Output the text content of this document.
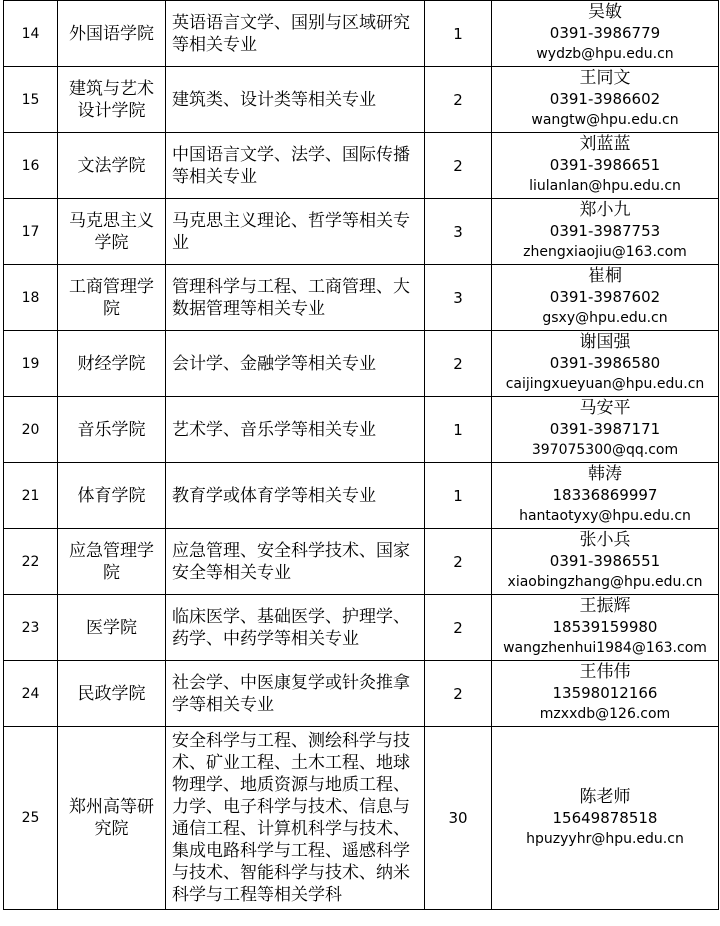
14	外国语学院	英语语言文学、国别与区域研究等相关专业	1	吴敏
0391-3986779
wydzb@hpu.edu.cn

15	建筑与艺术设计学院	建筑类、设计类等相关专业	2	王同文
0391-3986602
wangtw@hpu.edu.cn

16	文法学院	中国语言文学、法学、国际传播等相关专业	2	刘蓝蓝
0391-3986651
liulanlan@hpu.edu.cn

17	马克思主义学院	马克思主义理论、哲学等相关专业	3	郑小九
0391-3987753
zhengxiaojiu@163.com

18	工商管理学院	管理科学与工程、工商管理、大数据管理等相关专业	3	崔桐
0391-3987602
gsxy@hpu.edu.cn

19	财经学院	会计学、金融学等相关专业	2	谢国强
0391-3986580
caijingxueyuan@hpu.edu.cn

20	音乐学院	艺术学、音乐学等相关专业	1	马安平
0391-3987171
397075300@qq.com

21	体育学院	教育学或体育学等相关专业	1	韩涛
18336869997
hantaotyxy@hpu.edu.cn

22	应急管理学院	应急管理、安全科学技术、国家安全等相关专业	2	张小兵
0391-3986551
xiaobingzhang@hpu.edu.cn

23	医学院	临床医学、基础医学、护理学、药学、中药学等相关专业	2	王振辉
18539159980
wangzhenhui1984@163.com

24	民政学院	社会学、中医康复学或针灸推拿学等相关专业	2	王伟伟
13598012166
mzxxdb@126.com

25	郑州高等研究院	安全科学与工程、测绘科学与技术、矿业工程、土木工程、地球物理学、地质资源与地质工程、力学、电子科学与技术、信息与通信工程、计算机科学与技术、集成电路科学与工程、遥感科学与技术、智能科学与技术、纳米科学与工程等相关学科	30	陈老师
15649878518
hpuzyyhr@hpu.edu.cn
